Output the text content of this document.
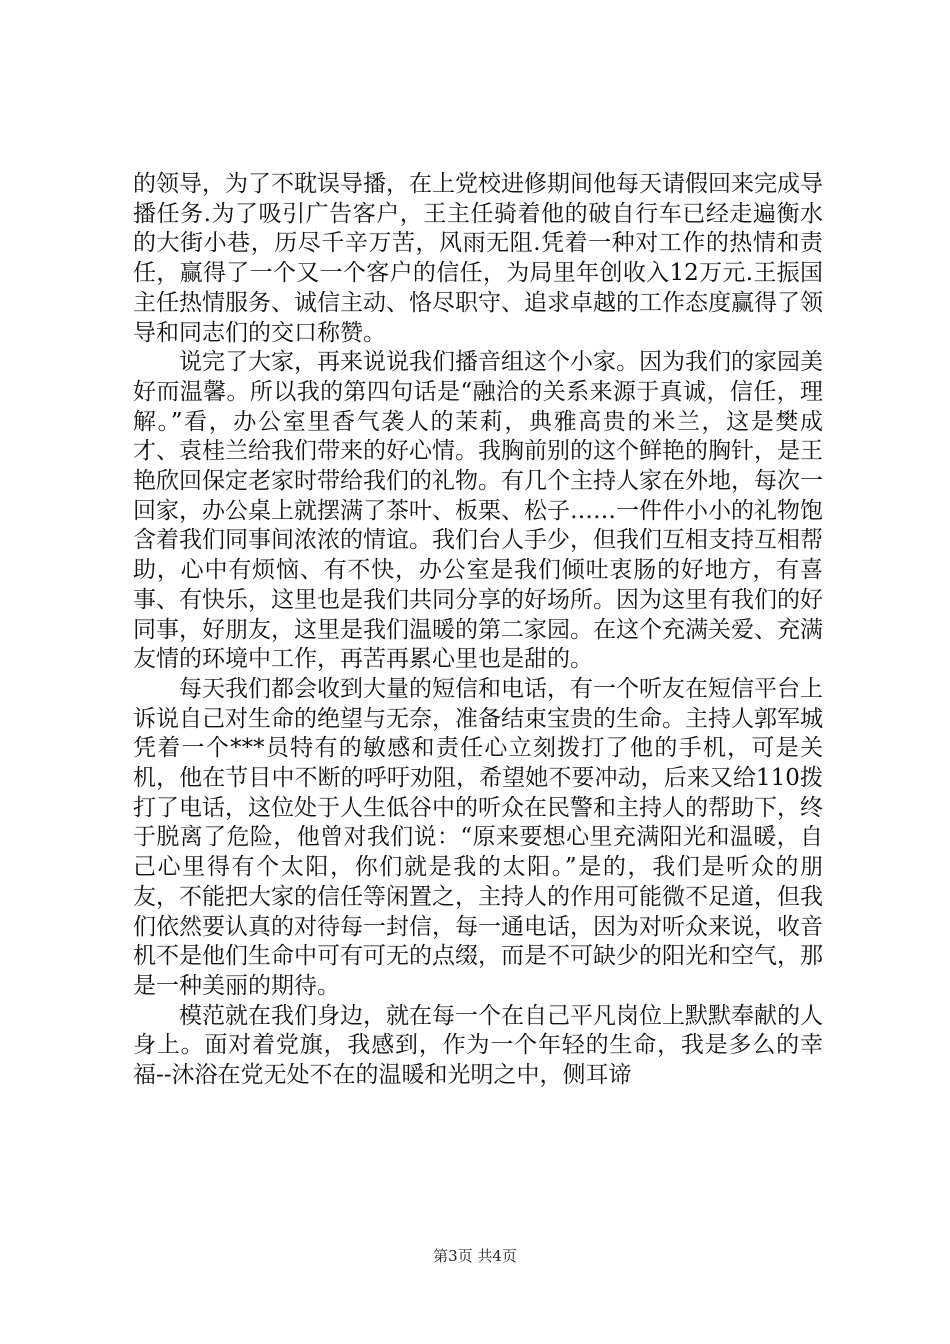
的领导，为了不耽误导播，在上党校进修期间他每天请假回来完成导播任务.为了吸引广告客户，王主任骑着他的破自行车已经走遍衡水的大街小巷，历尽千辛万苦，风雨无阻.凭着一种对工作的热情和责任，赢得了一个又一个客户的信任，为局里年创收入12万元.王振国主任热情服务、诚信主动、恪尽职守、追求卓越的工作态度赢得了领导和同志们的交口称赞。

说完了大家，再来说说我们播音组这个小家。因为我们的家园美好而温馨。所以我的第四句话是“融洽的关系来源于真诚，信任，理解。”看，办公室里香气袭人的茉莉，典雅高贵的米兰，这是樊成才、袁桂兰给我们带来的好心情。我胸前别的这个鲜艳的胸针，是王艳欣回保定老家时带给我们的礼物。有几个主持人家在外地，每次一回家，办公桌上就摆满了茶叶、板栗、松子……一件件小小的礼物饱含着我们同事间浓浓的情谊。我们台人手少，但我们互相支持互相帮助，心中有烦恼、有不快，办公室是我们倾吐衷肠的好地方，有喜事、有快乐，这里也是我们共同分享的好场所。因为这里有我们的好同事，好朋友，这里是我们温暖的第二家园。在这个充满关爱、充满友情的环境中工作，再苦再累心里也是甜的。

每天我们都会收到大量的短信和电话，有一个听友在短信平台上诉说自己对生命的绝望与无奈，准备结束宝贵的生命。主持人郭军城凭着一个***员特有的敏感和责任心立刻拨打了他的手机，可是关机，他在节目中不断的呼吁劝阻，希望她不要冲动，后来又给110拨打了电话，这位处于人生低谷中的听众在民警和主持人的帮助下，终于脱离了危险，他曾对我们说：“原来要想心里充满阳光和温暖，自己心里得有个太阳，你们就是我的太阳。”是的，我们是听众的朋友，不能把大家的信任等闲置之，主持人的作用可能微不足道，但我们依然要认真的对待每一封信，每一通电话，因为对听众来说，收音机不是他们生命中可有可无的点缀，而是不可缺少的阳光和空气，那是一种美丽的期待。

模范就在我们身边，就在每一个在自己平凡岗位上默默奉献的人身上。面对着党旗，我感到，作为一个年轻的生命，我是多么的幸福--沐浴在党无处不在的温暖和光明之中，侧耳谛

第3页 共4页
